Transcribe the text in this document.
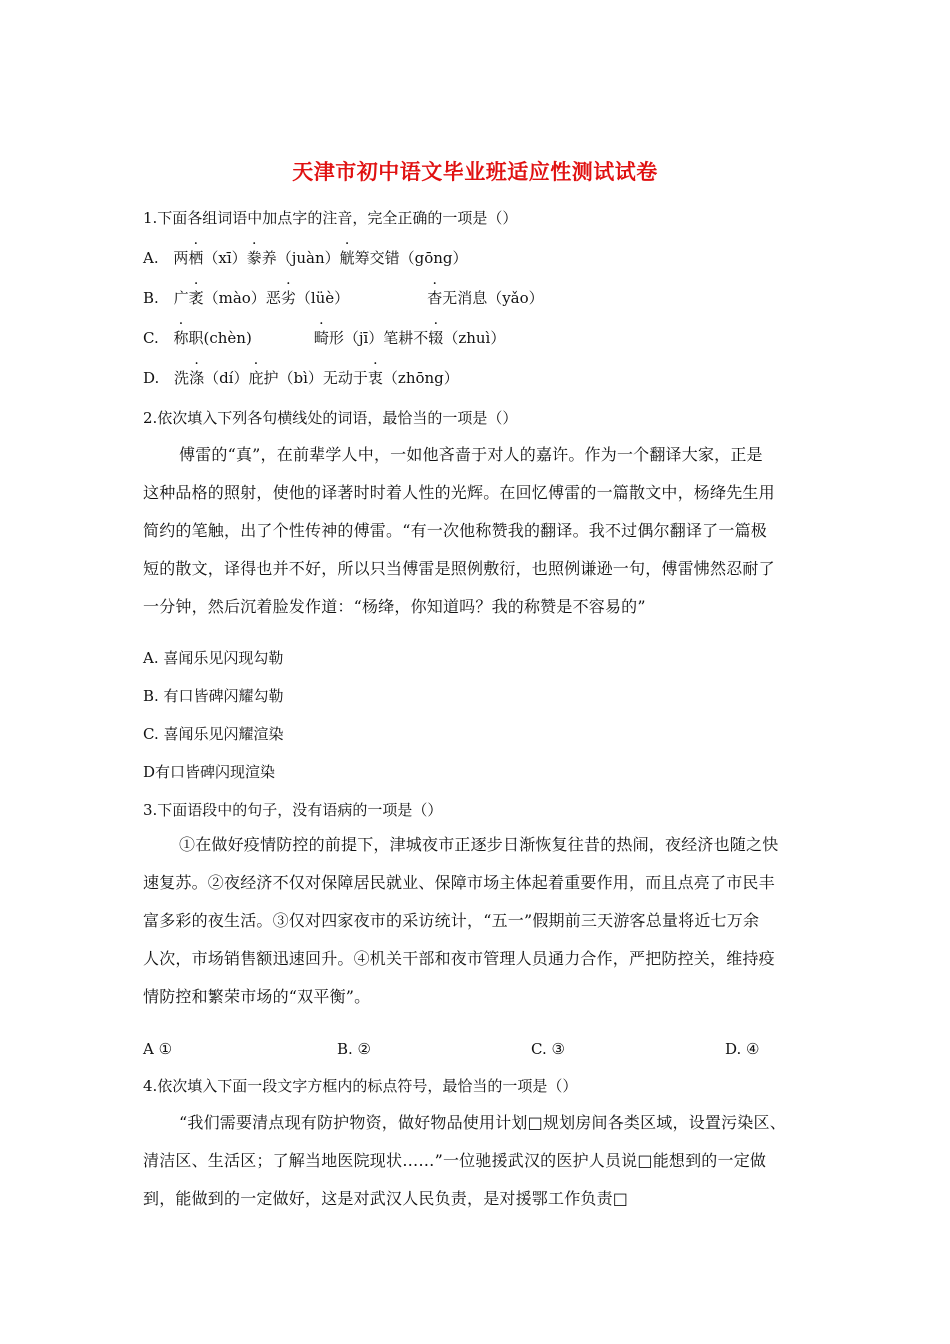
天津市初中语文毕业班适应性测试试卷
1.下面各组词语中加点字的注音，完全正确的一项是（）
A. 两栖（xī）豢养（juàn）觥筹交错（gōng）
B. 广袤（mào）恶劣（lüè）	杳无消息（yǎo）
C. 称职(chèn)	畸形（jī）笔耕不辍（zhuì）
D. 洗涤（dí）庇护（bì）无动于衷（zhōng）
2.依次填入下列各句横线处的词语，最恰当的一项是（）
傅雷的“真”，在前辈学人中，一如他吝啬于对人的嘉许。作为一个翻译大家，正是
这种品格的照射，使他的译著时时着人性的光辉。在回忆傅雷的一篇散文中，杨绛先生用
简约的笔触，出了个性传神的傅雷。“有一次他称赞我的翻译。我不过偶尔翻译了一篇极
短的散文，译得也并不好，所以只当傅雷是照例敷衍，也照例谦逊一句，傅雷怫然忍耐了
一分钟，然后沉着脸发作道：“杨绛，你知道吗？我的称赞是不容易的”
A. 喜闻乐见闪现勾勒
B. 有口皆碑闪耀勾勒
C. 喜闻乐见闪耀渲染
D有口皆碑闪现渲染
3.下面语段中的句子，没有语病的一项是（）
①在做好疫情防控的前提下，津城夜市正逐步日渐恢复往昔的热闹，夜经济也随之快
速复苏。②夜经济不仅对保障居民就业、保障市场主体起着重要作用，而且点亮了市民丰
富多彩的夜生活。③仅对四家夜市的采访统计，“五一”假期前三天游客总量将近七万余
人次，市场销售额迅速回升。④机关干部和夜市管理人员通力合作，严把防控关，维持疫
情防控和繁荣市场的“双平衡”。
A ①	B. ②	C. ③	D. ④
4.依次填入下面一段文字方框内的标点符号，最恰当的一项是（）
“我们需要清点现有防护物资，做好物品使用计划□规划房间各类区域，设置污染区、
清洁区、生活区；了解当地医院现状……”一位驰援武汉的医护人员说□能想到的一定做
到，能做到的一定做好，这是对武汉人民负责，是对援鄂工作负责□
